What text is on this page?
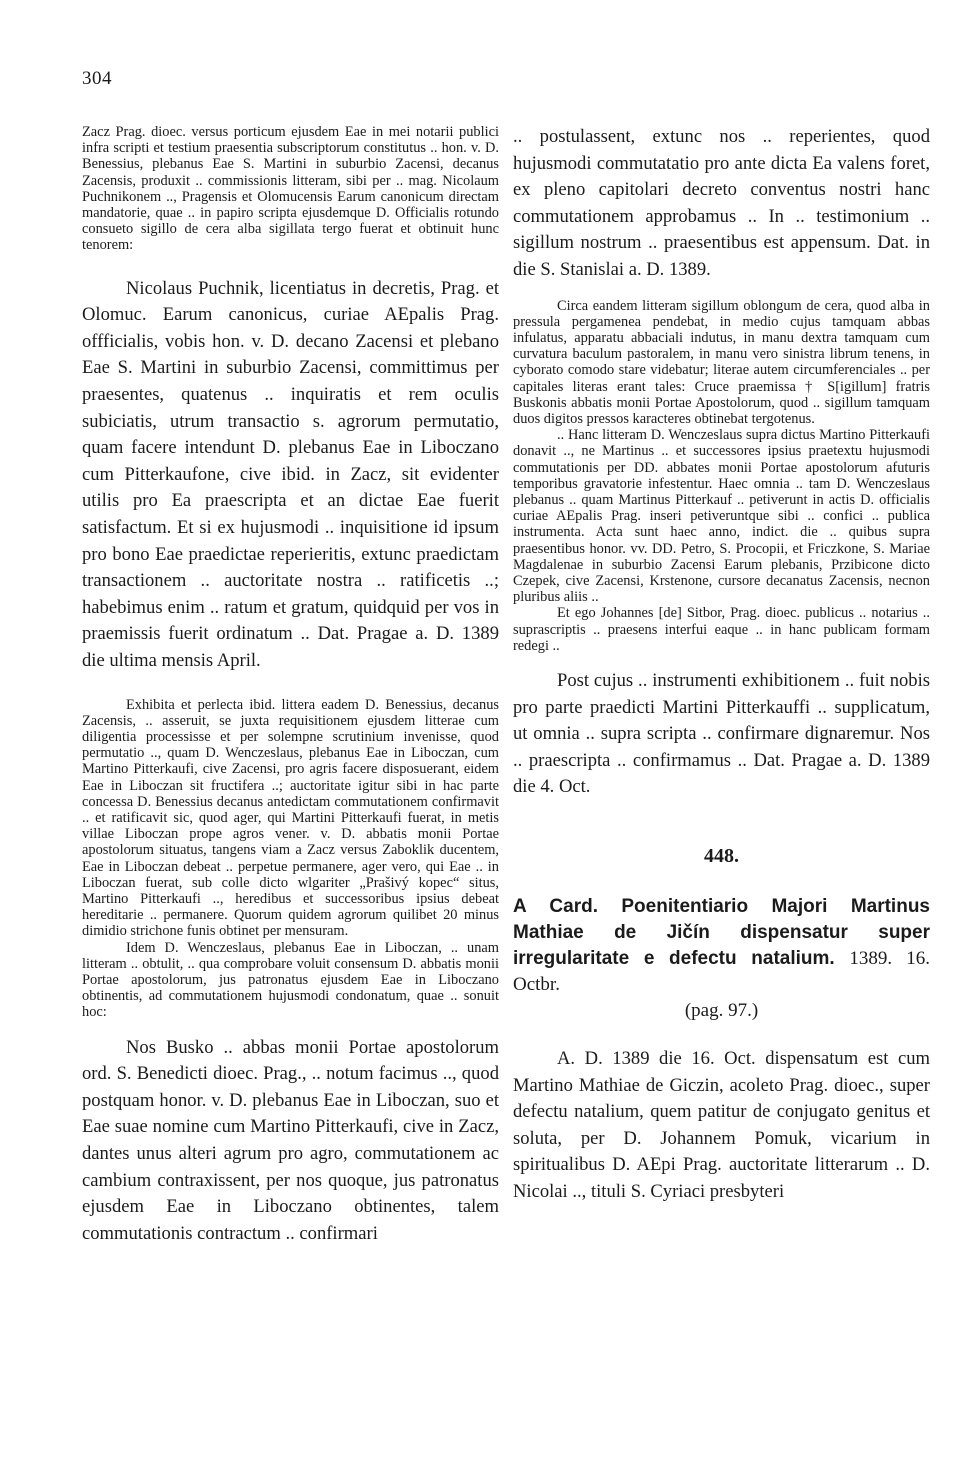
304

Zacz Prag. dioec. versus porticum ejusdem Eae in mei notarii publici infra scripti et testium praesentia subscriptorum constitutus .. hon. v. D. Benessius, plebanus Eae S. Martini in suburbio Zacensi, decanus Zacensis, produxit .. commissionis litteram, sibi per .. mag. Nicolaum Puchnikonem .., Pragensis et Olomucensis Earum canonicum directam mandatorie, quae .. in papiro scripta ejusdemque D. Officialis rotundo consueto sigillo de cera alba sigillata tergo fuerat et obtinuit hunc tenorem:

Nicolaus Puchnik, licentiatus in decretis, Prag. et Olomuc. Earum canonicus, curiae AEpalis Prag. offficialis, vobis hon. v. D. decano Zacensi et plebano Eae S. Martini in suburbio Zacensi, committimus per praesentes, quatenus .. inquiratis et rem oculis subiciatis, utrum transactio s. agrorum permutatio, quam facere intendunt D. plebanus Eae in Liboczano cum Pitterkaufone, cive ibid. in Zacz, sit evidenter utilis pro Ea praescripta et an dictae Eae fuerit satisfactum. Et si ex hujusmodi .. inquisitione id ipsum pro bono Eae praedictae reperieritis, extunc praedictam transactionem .. auctoritate nostra .. ratificetis ..; habebimus enim .. ratum et gratum, quidquid per vos in praemissis fuerit ordinatum .. Dat. Pragae a. D. 1389 die ultima mensis April.

Exhibita et perlecta ibid. littera eadem D. Benessius, decanus Zacensis, .. asseruit, se juxta requisitionem ejusdem litterae cum diligentia processisse et per solempne scrutinium invenisse, quod permutatio .., quam D. Wenczeslaus, plebanus Eae in Liboczan, cum Martino Pitterkaufi, cive Zacensi, pro agris facere disposuerant, eidem Eae in Liboczan sit fructifera ..; auctoritate igitur sibi in hac parte concessa D. Benessius decanus antedictam commutationem confirmavit .. et ratificavit sic, quod ager, qui Martini Pitterkaufi fuerat, in metis villae Liboczan prope agros vener. v. D. abbatis monii Portae apostolorum situatus, tangens viam a Zacz versus Zaboklik ducentem, Eae in Liboczan debeat .. perpetue permanere, ager vero, qui Eae .. in Liboczan fuerat, sub colle dicto wlgariter „Prašivý kopec“ situs, Martino Pitterkaufi .., heredibus et successoribus ipsius debeat hereditarie .. permanere. Quorum quidem agrorum quilibet 20 minus dimidio strichone funis obtinet per mensuram.

Idem D. Wenczeslaus, plebanus Eae in Liboczan, .. unam litteram .. obtulit, .. qua comprobare voluit consensum D. abbatis monii Portae apostolorum, jus patronatus ejusdem Eae in Liboczano obtinentis, ad commutationem hujusmodi condonatum, quae .. sonuit hoc:

Nos Busko .. abbas monii Portae apostolorum ord. S. Benedicti dioec. Prag., .. notum facimus .., quod postquam honor. v. D. plebanus Eae in Liboczan, suo et Eae suae nomine cum Martino Pitterkaufi, cive in Zacz, dantes unus alteri agrum pro agro, commutationem ac cambium contraxissent, per nos quoque, jus patronatus ejusdem Eae in Liboczano obtinentes, talem commutationis contractum .. confirmari

.. postulassent, extunc nos .. reperientes, quod hujusmodi commutatatio pro ante dicta Ea valens foret, ex pleno capitolari decreto conventus nostri hanc commutationem approbamus .. In .. testimonium .. sigillum nostrum .. praesentibus est appensum. Dat. in die S. Stanislai a. D. 1389.

Circa eandem litteram sigillum oblongum de cera, quod alba in pressula pergamenea pendebat, in medio cujus tamquam abbas infulatus, apparatu abbaciali indutus, in manu dextra tamquam cum curvatura baculum pastoralem, in manu vero sinistra librum tenens, in cyborato comodo stare videbatur; literae autem circumferenciales .. per capitales literas erant tales: Cruce praemissa † S[igillum] fratris Buskonis abbatis monii Portae Apostolorum, quod .. sigillum tamquam duos digitos pressos karacteres obtinebat tergotenus.

.. Hanc litteram D. Wenczeslaus supra dictus Martino Pitterkaufi donavit .., ne Martinus .. et successores ipsius praetextu hujusmodi commutationis per DD. abbates monii Portae apostolorum afuturis temporibus gravatorie infestentur. Haec omnia .. tam D. Wenczeslaus plebanus .. quam Martinus Pitterkauf .. petiverunt in actis D. officialis curiae AEpalis Prag. inseri petiveruntque sibi .. confici .. publica instrumenta. Acta sunt haec anno, indict. die .. quibus supra praesentibus honor. vv. DD. Petro, S. Procopii, et Friczkone, S. Mariae Magdalenae in suburbio Zacensi Earum plebanis, Przibicone dicto Czepek, cive Zacensi, Krstenone, cursore decanatus Zacensis, necnon pluribus aliis ..

Et ego Johannes [de] Sitbor, Prag. dioec. publicus .. notarius .. suprascriptis .. praesens interfui eaque .. in hanc publicam formam redegi ..

Post cujus .. instrumenti exhibitionem .. fuit nobis pro parte praedicti Martini Pitterkauffi .. supplicatum, ut omnia .. supra scripta .. confirmare dignaremur. Nos .. praescripta .. confirmamus .. Dat. Pragae a. D. 1389 die 4. Oct.

448.

A Card. Poenitentiario Majori Martinus Mathiae de Jičín dispensatur super irregularitate e defectu natalium. 1389. 16. Octbr.
(pag. 97.)

A. D. 1389 die 16. Oct. dispensatum est cum Martino Mathiae de Giczin, acoleto Prag. dioec., super defectu natalium, quem patitur de conjugato genitus et soluta, per D. Johannem Pomuk, vicarium in spiritualibus D. AEpi Prag. auctoritate litterarum .. D. Nicolai .., tituli S. Cyriaci presbyteri
